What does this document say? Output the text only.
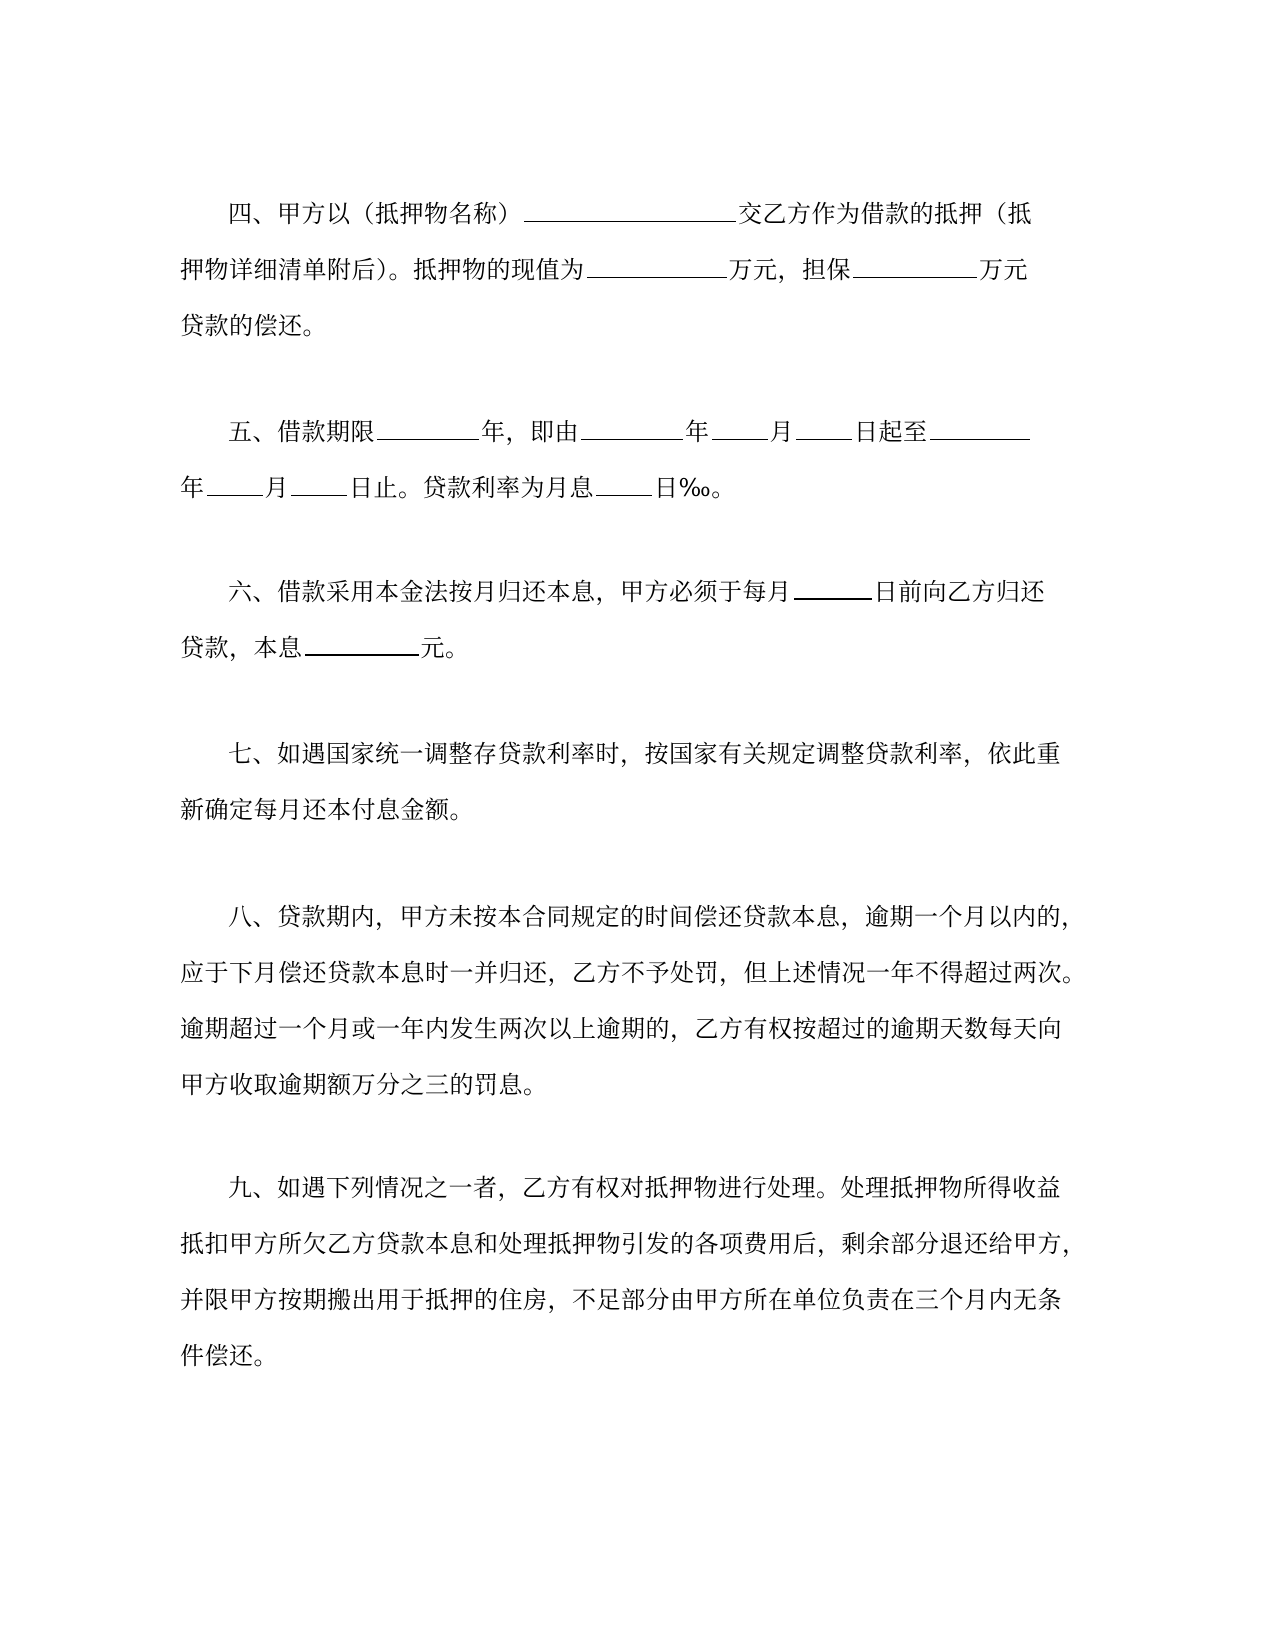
四、甲方以（抵押物名称）	交乙方作为借款的抵押（抵
押物详细清单附后）。抵押物的现值为	万元，担保	万元
贷款的偿还。
五、借款期限	年，即由	年	月	日起至
年	月	日止。贷款利率为月息	日‰。
六、借款采用本金法按月归还本息，甲方必须于每月	日前向乙方归还
贷款，本息	元。
七、如遇国家统一调整存贷款利率时，按国家有关规定调整贷款利率，依此重
新确定每月还本付息金额。
八、贷款期内，甲方未按本合同规定的时间偿还贷款本息，逾期一个月以内的，
应于下月偿还贷款本息时一并归还，乙方不予处罚，但上述情况一年不得超过两次。
逾期超过一个月或一年内发生两次以上逾期的，乙方有权按超过的逾期天数每天向
甲方收取逾期额万分之三的罚息。
九、如遇下列情况之一者，乙方有权对抵押物进行处理。处理抵押物所得收益
抵扣甲方所欠乙方贷款本息和处理抵押物引发的各项费用后，剩余部分退还给甲方，
并限甲方按期搬出用于抵押的住房，不足部分由甲方所在单位负责在三个月内无条
件偿还。
